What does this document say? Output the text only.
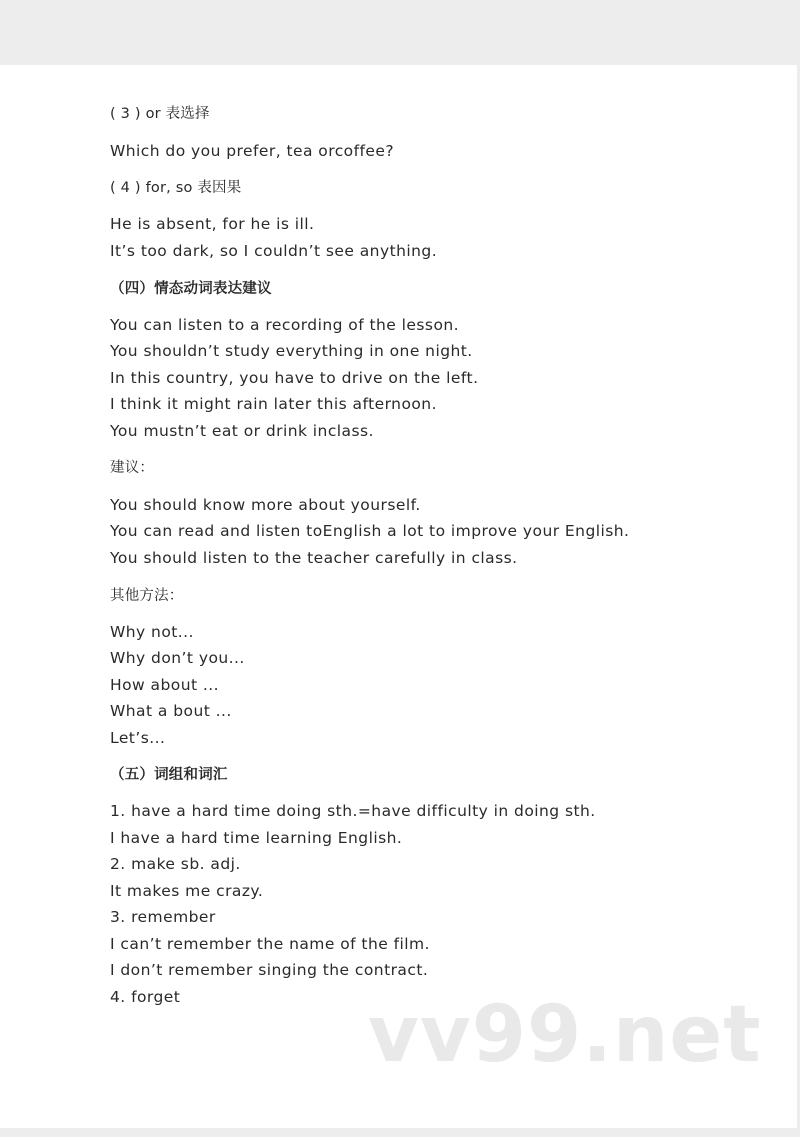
( 3 ) or 表选择
Which do you prefer, tea orcoffee?
( 4 ) for, so 表因果
He is absent, for he is ill.
It’s too dark, so I couldn’t see anything.
（四）情态动词表达建议
You can listen to a recording of the lesson.
You shouldn’t study everything in one night.
In this country, you have to drive on the left.
I think it might rain later this afternoon.
You mustn’t eat or drink inclass.
建议：
You should know more about yourself.
You can read and listen toEnglish a lot to improve your English.
You should listen to the teacher carefully in class.
其他方法：
Why not...
Why don’t you...
How about ...
What a bout ...
Let’s...
（五）词组和词汇
1. have a hard time doing sth.=have difficulty in doing sth.
I have a hard time learning English.
2. make sb. adj.
It makes me crazy.
3. remember
I can’t remember the name of the film.
I don’t remember singing the contract.
4. forget vv99.net
